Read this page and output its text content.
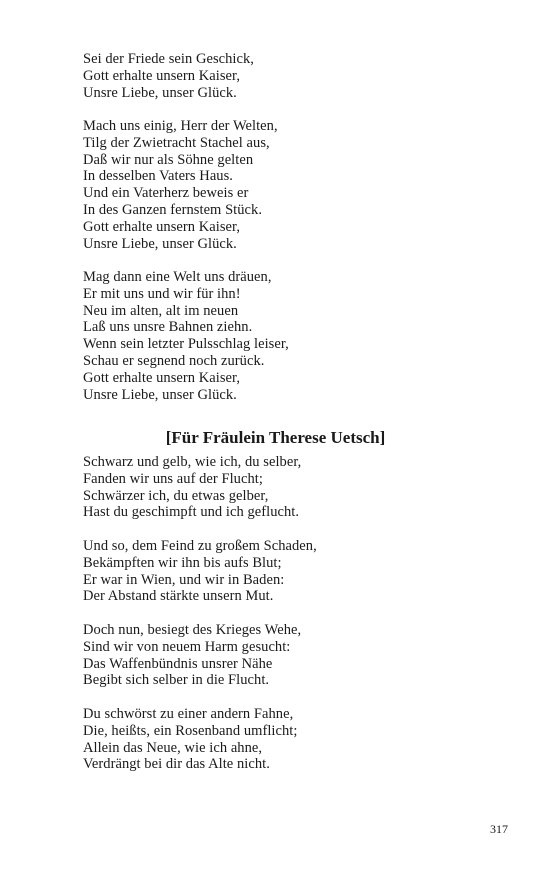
Sei der Friede sein Geschick,
Gott erhalte unsern Kaiser,
Unsre Liebe, unser Glück.
Mach uns einig, Herr der Welten,
Tilg der Zwietracht Stachel aus,
Daß wir nur als Söhne gelten
In desselben Vaters Haus.
Und ein Vaterherz beweis er
In des Ganzen fernstem Stück.
Gott erhalte unsern Kaiser,
Unsre Liebe, unser Glück.
Mag dann eine Welt uns dräuen,
Er mit uns und wir für ihn!
Neu im alten, alt im neuen
Laß uns unsre Bahnen ziehn.
Wenn sein letzter Pulsschlag leiser,
Schau er segnend noch zurück.
Gott erhalte unsern Kaiser,
Unsre Liebe, unser Glück.
[Für Fräulein Therese Uetsch]
Schwarz und gelb, wie ich, du selber,
Fanden wir uns auf der Flucht;
Schwärzer ich, du etwas gelber,
Hast du geschimpft und ich geflucht.
Und so, dem Feind zu großem Schaden,
Bekämpften wir ihn bis aufs Blut;
Er war in Wien, und wir in Baden:
Der Abstand stärkte unsern Mut.
Doch nun, besiegt des Krieges Wehe,
Sind wir von neuem Harm gesucht:
Das Waffenbündnis unsrer Nähe
Begibt sich selber in die Flucht.
Du schwörst zu einer andern Fahne,
Die, heißts, ein Rosenband umflicht;
Allein das Neue, wie ich ahne,
Verdrängt bei dir das Alte nicht.
317
